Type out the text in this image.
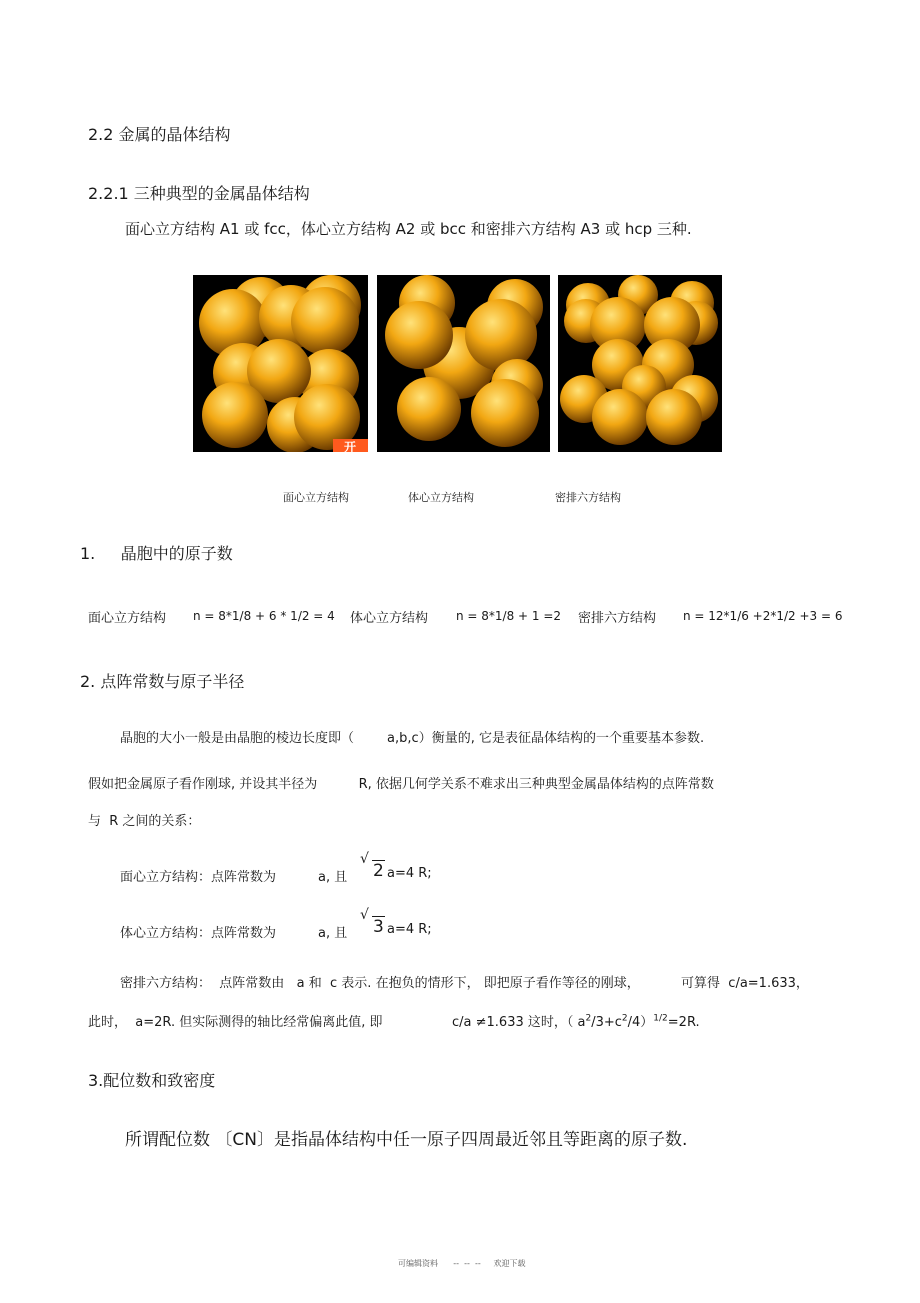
2.2 金属的晶体结构
2.2.1 三种典型的金属晶体结构
面心立方结构 A1 或 fcc，体心立方结构 A2 或 bcc 和密排六方结构 A3 或 hcp 三种.
开
面心立方结构	体心立方结构	密排六方结构
1.     晶胞中的原子数
面心立方结构 n = 8*1/8 + 6 * 1/2 = 4 体心立方结构 n = 8*1/8 + 1 =2 密排六方结构 n = 12*1/6 +2*1/2 +3 = 6
2. 点阵常数与原子半径
晶胞的大小一般是由晶胞的棱边长度即（        a,b,c）衡量的, 它是表征晶体结构的一个重要基本参数.
假如把金属原子看作刚球, 并设其半径为          R, 依据几何学关系不难求出三种典型金属晶体结构的点阵常数
与  R 之间的关系：
面心立方结构：点阵常数为	a, 且
√
2 a=4 R;
体心立方结构：点阵常数为	a, 且
√
3 a=4 R;
密排六方结构：  点阵常数由   a 和  c 表示. 在抱负的情形下， 即把原子看作等径的刚球，          可算得  c/a=1.633，
此时，  a=2R. 但实际测得的轴比经常偏离此值, 即	c/a ≠1.633 这时，（ $a^2/3+c^2/4)^{1/2}=2R$.
3.配位数和致密度
所谓配位数 〔CN〕是指晶体结构中任一原子四周最近邻且等距离的原子数.
可编辑资料      --  --  --     欢迎下载
